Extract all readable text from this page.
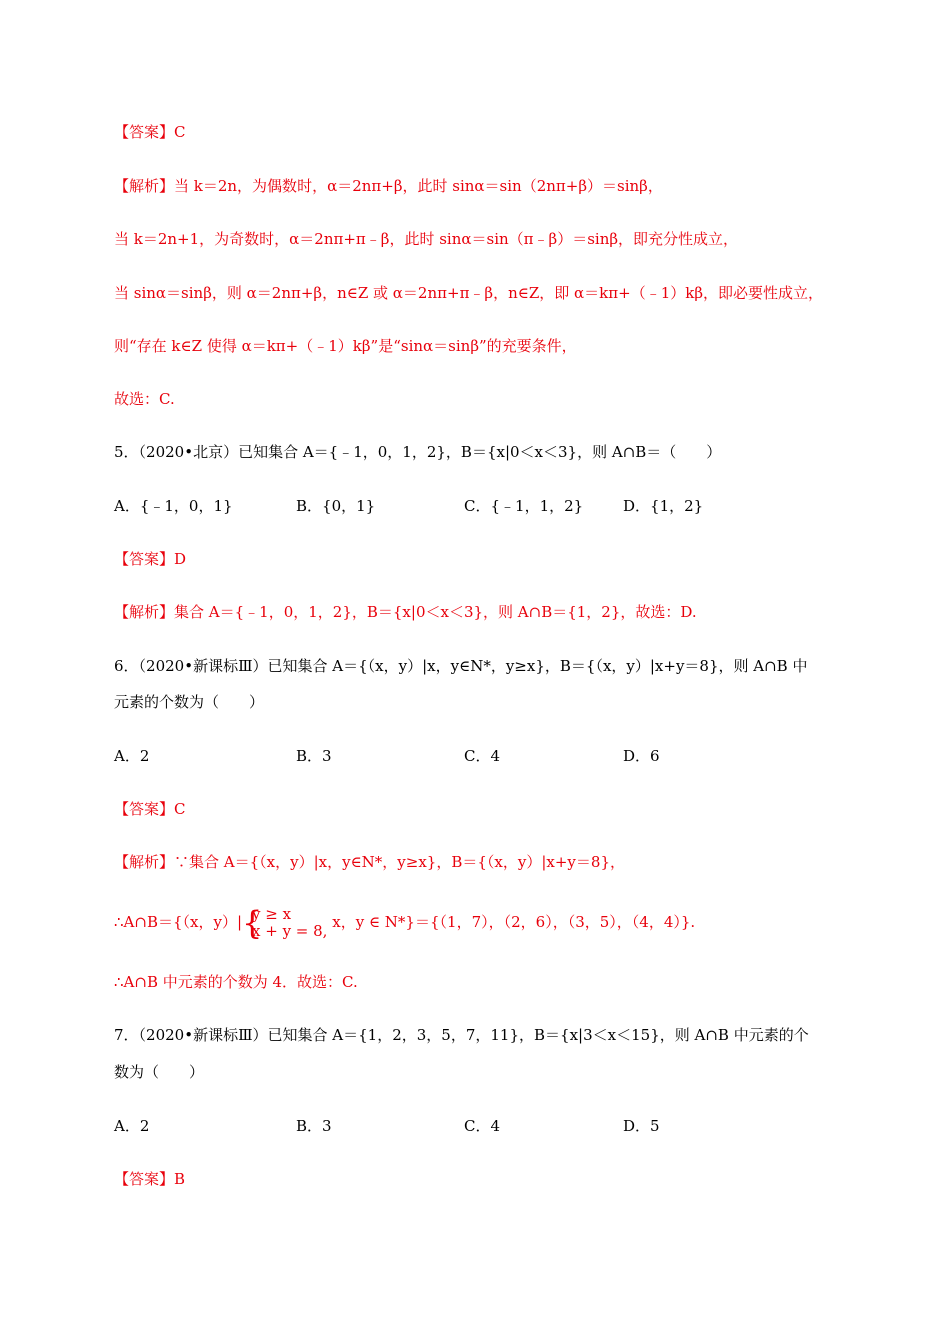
【答案】C
【解析】当 k＝2n，为偶数时，α＝2nπ+β，此时 sinα＝sin（2nπ+β）＝sinβ，
当 k＝2n+1，为奇数时，α＝2nπ+π﹣β，此时 sinα＝sin（π﹣β）＝sinβ，即充分性成立，
当 sinα＝sinβ，则 α＝2nπ+β，n∈Z 或 α＝2nπ+π﹣β，n∈Z，即 α＝kπ+（﹣1）kβ，即必要性成立，
则“存在 k∈Z 使得 α＝kπ+（﹣1）kβ”是“sinα＝sinβ”的充要条件，
故选：C.
5．（2020•北京）已知集合 A＝{﹣1，0，1，2}，B＝{x|0＜x＜3}，则 A∩B＝（　　）
A．{﹣1，0，1}	B．{0，1}	C．{﹣1，1，2}	D．{1，2}
【答案】D
【解析】集合 A＝{﹣1，0，1，2}，B＝{x|0＜x＜3}，则 A∩B＝{1，2}，故选：D.
6．（2020•新课标Ⅲ）已知集合 A＝{（x，y）|x，y∈N*，y≥x}，B＝{（x，y）|x+y＝8}，则 A∩B 中
元素的个数为（　　）
A．2	B．3	C．4	D．6
【答案】C
【解析】∵集合 A＝{（x，y）|x，y∈N*，y≥x}，B＝{（x，y）|x+y＝8}，
∴A∩B＝{（x，y）| {
y ≥ x
x + y = 8, x，y ∈ N*}＝{（1，7），（2，6），（3，5），（4，4）}.
∴A∩B 中元素的个数为 4．故选：C.
7．（2020•新课标Ⅲ）已知集合 A＝{1，2，3，5，7，11}，B＝{x|3＜x＜15}，则 A∩B 中元素的个
数为（　　）
A．2	B．3	C．4	D．5
【答案】B
